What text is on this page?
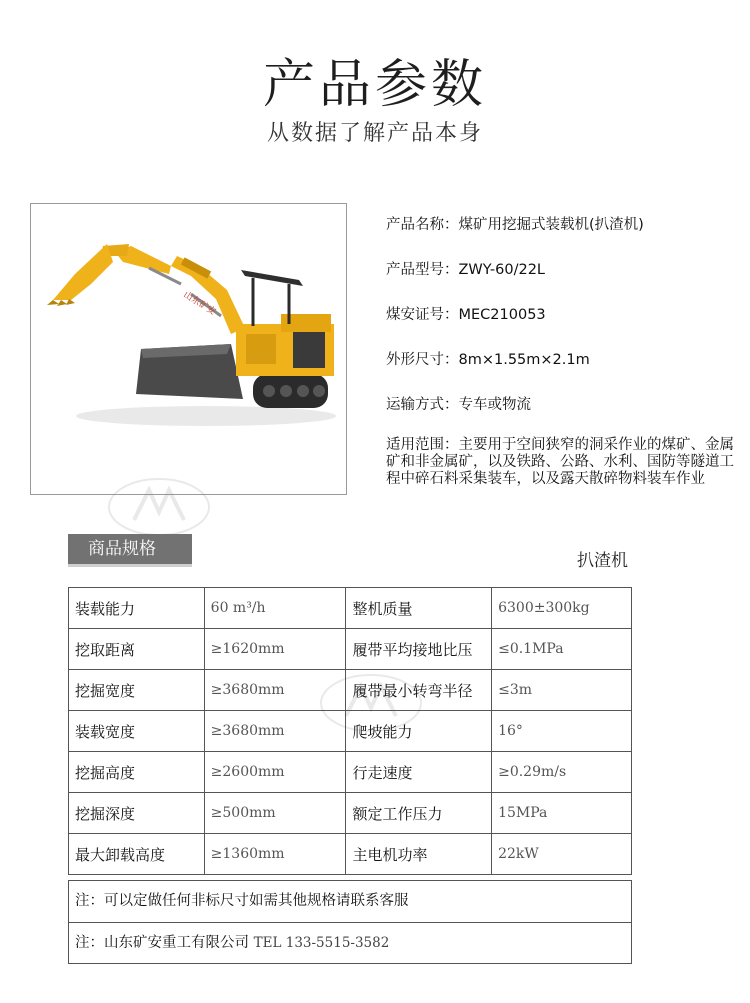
产品参数
从数据了解产品本身
山东矿安
产品名称：煤矿用挖掘式装载机(扒渣机)
产品型号：ZWY-60/22L
煤安证号：MEC210053
外形尺寸：8m×1.55m×2.1m
运输方式：专车或物流
适用范围：主要用于空间狭窄的洞采作业的煤矿、金属矿和非金属矿，以及铁路、公路、水利、国防等隧道工程中碎石料采集装车，以及露天散碎物料装车作业
商品规格
扒渣机
装载能力	60 m³/h	整机质量	6300±300kg
挖取距离	≥1620mm	履带平均接地比压	≤0.1MPa
挖掘宽度	≥3680mm	履带最小转弯半径	≤3m
装载宽度	≥3680mm	爬坡能力	16°
挖掘高度	≥2600mm	行走速度	≥0.29m/s
挖掘深度	≥500mm	额定工作压力	15MPa
最大卸载高度	≥1360mm	主电机功率	22kW
注：可以定做任何非标尺寸如需其他规格请联系客服
注：山东矿安重工有限公司 TEL 133-5515-3582
